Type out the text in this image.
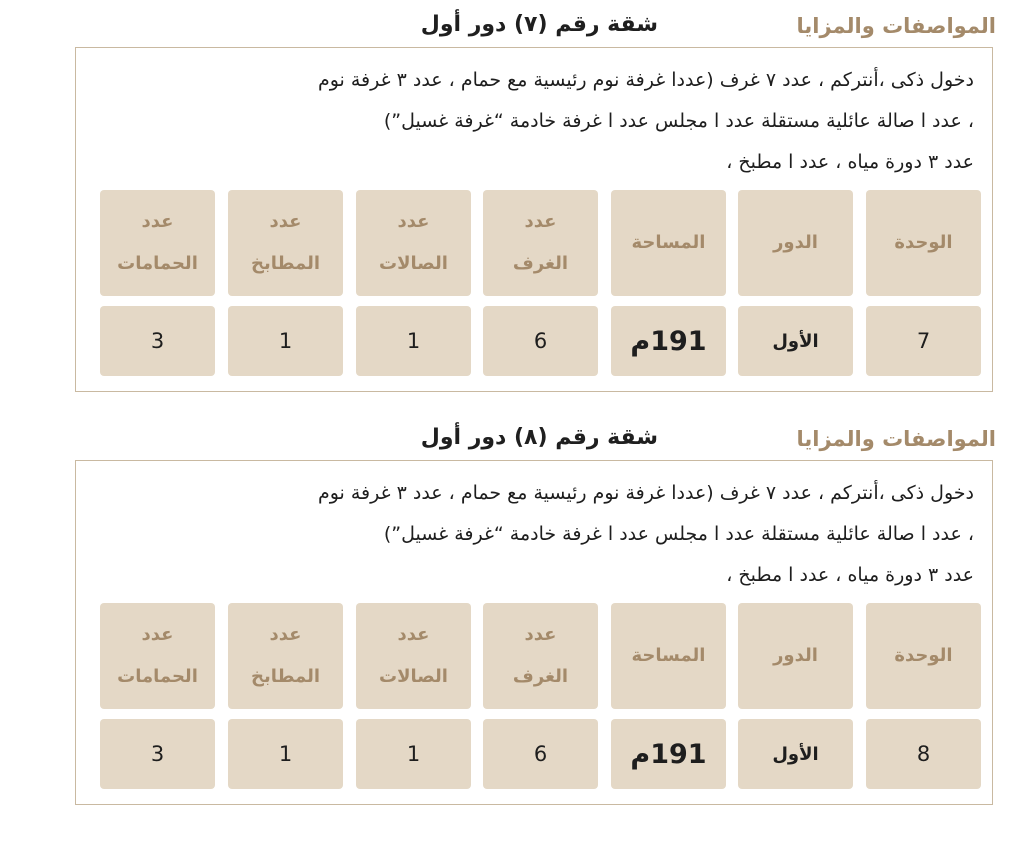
المواصفات والمزايا
شقة رقم (٧) دور أول
دخول ذكى ،أنتركم ، عدد ٧ غرف (عددا غرفة نوم رئيسية مع حمام ، عدد ٣ غرفة نوم
، عدد ا صالة عائلية مستقلة عدد ا مجلس عدد ا غرفة خادمة “غرفة غسيل”)
عدد ٣ دورة مياه ، عدد ا مطبخ ،
الوحدة
الدور
المساحة
عدد
الغرف
عدد
الصالات
عدد
المطابخ
عدد
الحمامات
7
الأول
191م
6
1
1
3
المواصفات والمزايا
شقة رقم (٨) دور أول
دخول ذكى ،أنتركم ، عدد ٧ غرف (عددا غرفة نوم رئيسية مع حمام ، عدد ٣ غرفة نوم
، عدد ا صالة عائلية مستقلة عدد ا مجلس عدد ا غرفة خادمة “غرفة غسيل”)
عدد ٣ دورة مياه ، عدد ا مطبخ ،
الوحدة
الدور
المساحة
عدد
الغرف
عدد
الصالات
عدد
المطابخ
عدد
الحمامات
8
الأول
191م
6
1
1
3
